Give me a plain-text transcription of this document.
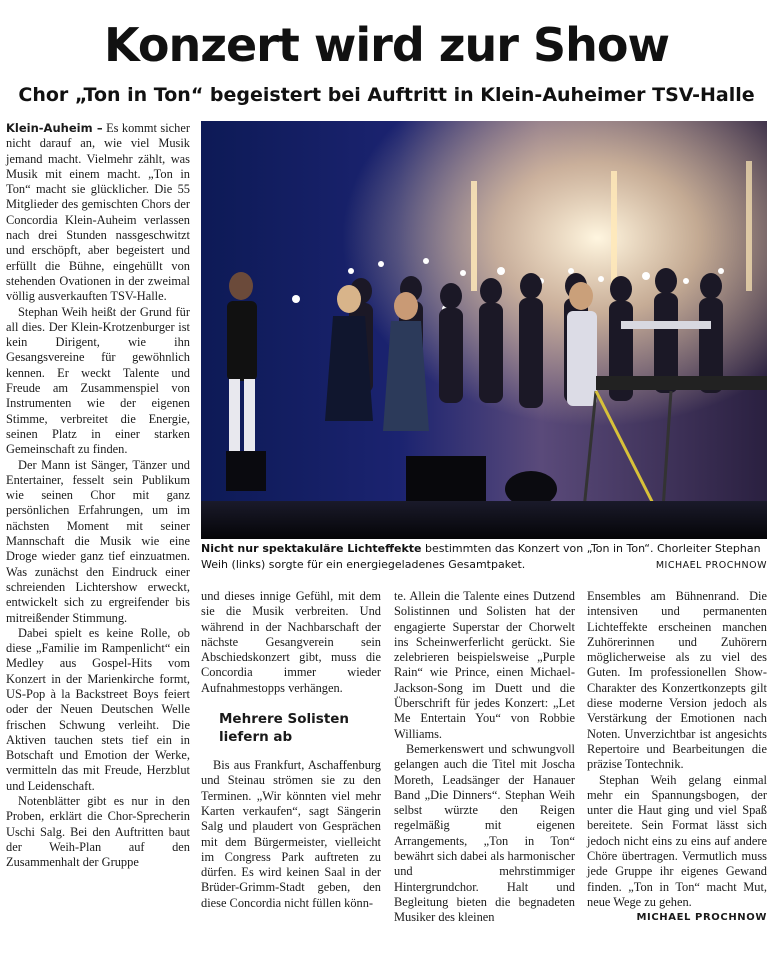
Konzert wird zur Show
Chor „Ton in Ton“ begeistert bei Auftritt in Klein-Auheimer TSV-Halle

Klein-Auheim – Es kommt sicher nicht darauf an, wie viel Musik jemand macht. Vielmehr zählt, was Musik mit einem macht. „Ton in Ton“ macht sie glücklicher. Die 55 Mitglieder des gemischten Chors der Concordia Klein-Auheim verlassen nach drei Stunden nassgeschwitzt und erschöpft, aber begeistert und erfüllt die Bühne, eingehüllt von stehenden Ovationen in der zweimal völlig ausverkauften TSV-Halle.

Stephan Weih heißt der Grund für all dies. Der Klein-Krotzenburger ist kein Dirigent, wie ihn Gesangsvereine für gewöhnlich kennen. Er weckt Talente und Freude am Zusammenspiel von Instrumenten wie der eigenen Stimme, verbreitet die Energie, seinen Platz in einer starken Gemeinschaft zu finden.

Der Mann ist Sänger, Tänzer und Entertainer, fesselt sein Publikum wie seinen Chor mit ganz persönlichen Erfahrungen, um im nächsten Moment mit seiner Mannschaft die Musik wie eine Droge wieder ganz tief einzuatmen. Was zunächst den Eindruck einer schreienden Lichtershow erweckt, entwickelt sich zu ergreifender bis mitreißender Stimmung.

Dabei spielt es keine Rolle, ob diese „Familie im Rampenlicht“ ein Medley aus Gospel-Hits vom Konzert in der Marienkirche formt, US-Pop à la Backstreet Boys feiert oder der Neuen Deutschen Welle frischen Schwung verleiht. Die Aktiven tauchen stets tief ein in Botschaft und Emotion der Werke, vermitteln das mit Freude, Herzblut und Leidenschaft.

Notenblätter gibt es nur in den Proben, erklärt die Chor-Sprecherin Uschi Salg. Bei den Auftritten baut der Weih-Plan auf den Zusammenhalt der Gruppe

Nicht nur spektakuläre Lichteffekte bestimmten das Konzert von „Ton in Ton“. Chorleiter Stephan Weih (links) sorgte für ein energiegeladenes Gesamtpaket.	MICHAEL PROCHNOW

und dieses innige Gefühl, mit dem sie die Musik verbreiten. Und während in der Nachbarschaft der nächste Gesangverein sein Abschiedskonzert gibt, muss die Concordia immer wieder Aufnahmestopps verhängen.

Mehrere Solisten liefern ab

Bis aus Frankfurt, Aschaffenburg und Steinau strömen sie zu den Terminen. „Wir könnten viel mehr Karten verkaufen“, sagt Sängerin Salg und plaudert von Gesprächen mit dem Bürgermeister, vielleicht im Congress Park auftreten zu dürfen. Es wird keinen Saal in der Brüder-Grimm-Stadt geben, den diese Concordia nicht füllen könn-

te. Allein die Talente eines Dutzend Solistinnen und Solisten hat der engagierte Superstar der Chorwelt ins Scheinwerferlicht gerückt. Sie zelebrieren beispielsweise „Purple Rain“ wie Prince, einen Michael-Jackson-Song im Duett und die Überschrift für jedes Konzert: „Let Me Entertain You“ von Robbie Williams.

Bemerkenswert und schwungvoll gelangen auch die Titel mit Joscha Moreth, Leadsänger der Hanauer Band „Die Dinners“. Stephan Weih selbst würzte den Reigen regelmäßig mit eigenen Arrangements, „Ton in Ton“ bewährt sich dabei als harmonischer und mehrstimmiger Hintergrundchor. Halt und Begleitung bieten die begnadeten Musiker des kleinen

Ensembles am Bühnenrand. Die intensiven und permanenten Lichteffekte erscheinen manchen Zuhörerinnen und Zuhörern möglicherweise als zu viel des Guten. Im professionellen Show-Charakter des Konzertkonzepts gilt diese moderne Version jedoch als Verstärkung der Emotionen nach Noten. Unverzichtbar ist angesichts Repertoire und Bearbeitungen die präzise Tontechnik.

Stephan Weih gelang einmal mehr ein Spannungsbogen, der unter die Haut ging und viel Spaß bereitete. Sein Format lässt sich jedoch nicht eins zu eins auf andere Chöre übertragen. Vermutlich muss jede Gruppe ihr eigenes Gewand finden. „Ton in Ton“ macht Mut, neue Wege zu gehen.
MICHAEL PROCHNOW
